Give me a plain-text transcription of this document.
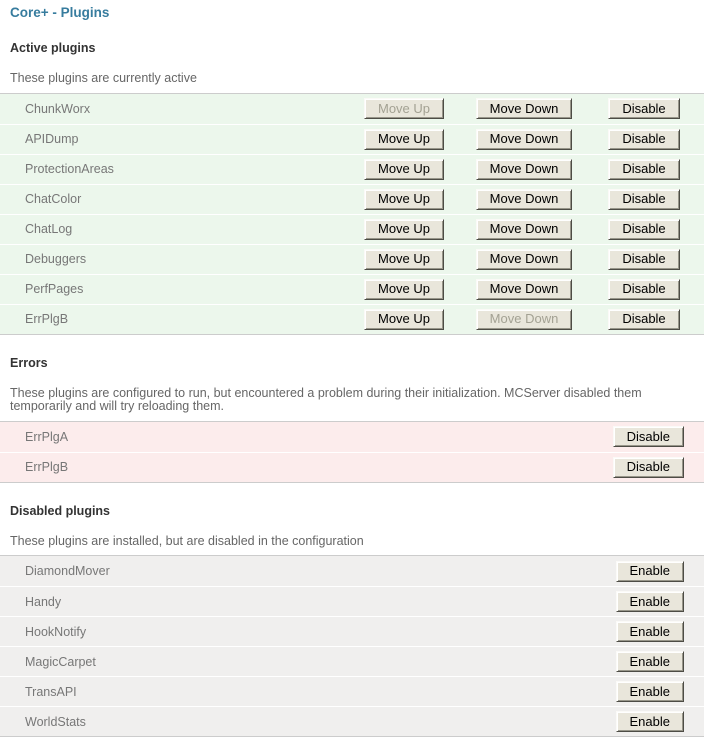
Core+ - Plugins
Active plugins

These plugins are currently active

ChunkWorx	Move Up	Move Down	Disable
APIDump	Move Up	Move Down	Disable
ProtectionAreas	Move Up	Move Down	Disable
ChatColor	Move Up	Move Down	Disable
ChatLog	Move Up	Move Down	Disable
Debuggers	Move Up	Move Down	Disable
PerfPages	Move Up	Move Down	Disable
ErrPlgB	Move Up	Move Down	Disable
Errors

These plugins are configured to run, but encountered a problem during their initialization. MCServer disabled them temporarily and will try reloading them.

ErrPlgA	Disable
ErrPlgB	Disable
Disabled plugins

These plugins are installed, but are disabled in the configuration

DiamondMover	Enable
Handy	Enable
HookNotify	Enable
MagicCarpet	Enable
TransAPI	Enable
WorldStats	Enable
